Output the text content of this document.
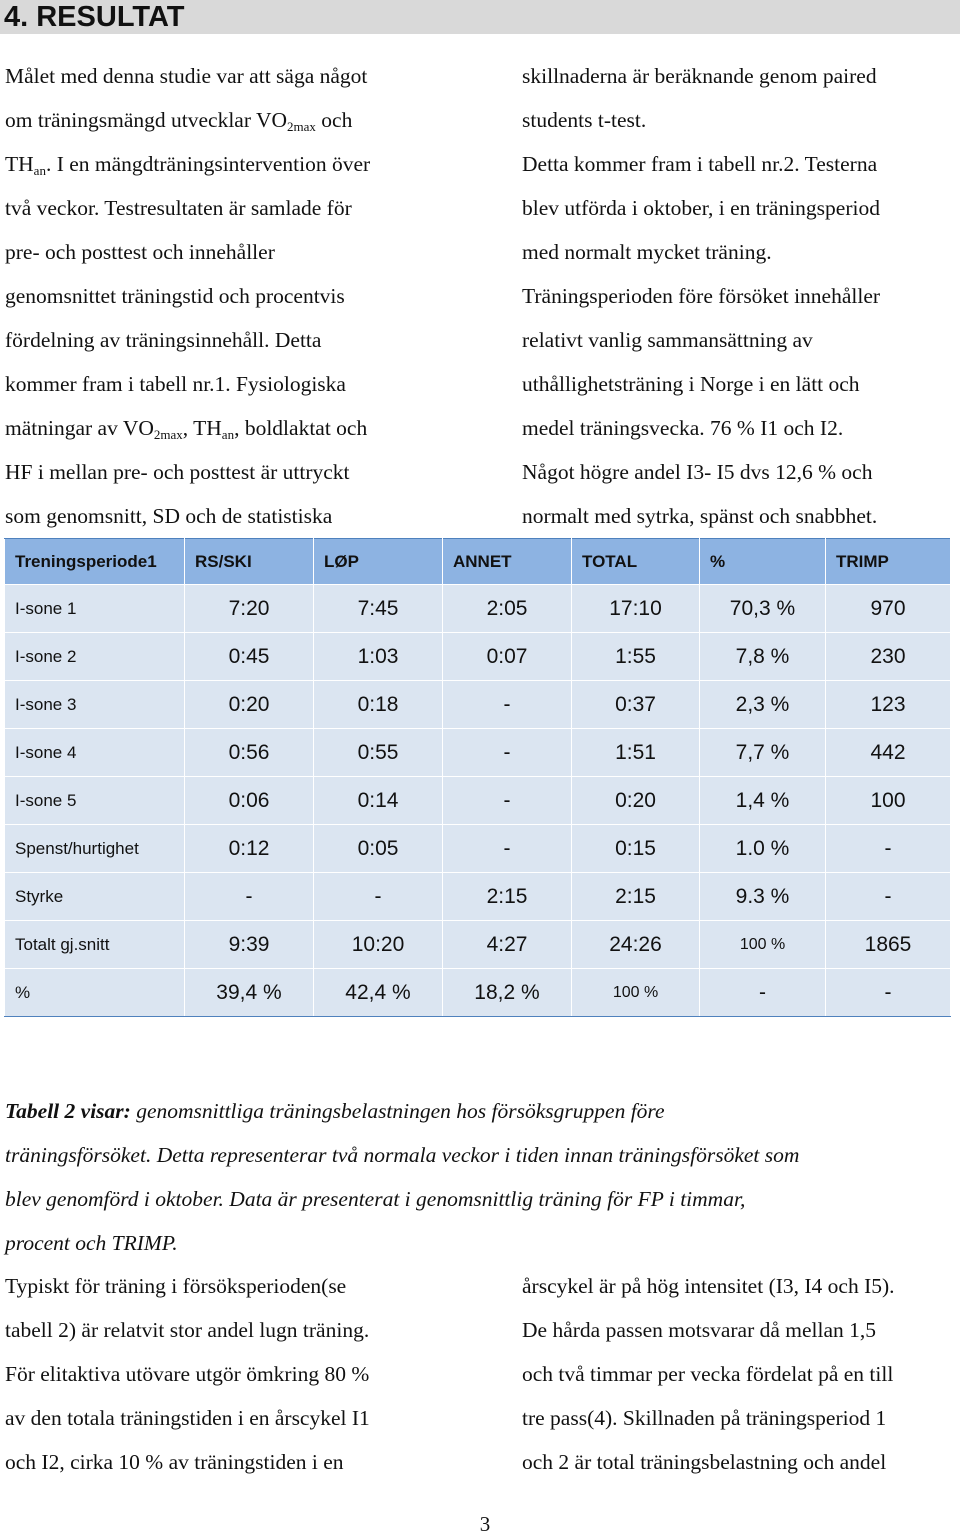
4. RESULTAT

Målet med denna studie var att säga något

om träningsmängd utvecklar $VO_{2max}$ och

$TH_{an}$. I en mängdträningsintervention över

två veckor. Testresultaten är samlade för

pre- och posttest och innehåller

genomsnittet träningstid och procentvis

fördelning av träningsinnehåll. Detta

kommer fram i tabell nr.1. Fysiologiska

mätningar av $VO_{2max}$, $TH_{an}$, boldlaktat och

HF i mellan pre- och posttest är uttryckt

som genomsnitt, SD och de statistiska

skillnaderna är beräknande genom paired

students t-test.

Detta kommer fram i tabell nr.2. Testerna

blev utförda i oktober, i en träningsperiod

med normalt mycket träning.

Träningsperioden före försöket innehåller

relativt vanlig sammansättning av

uthållighetsträning i Norge i en lätt och

medel träningsvecka. 76 % I1 och I2.

Något högre andel I3- I5 dvs 12,6 % och

normalt med sytrka, spänst och snabbhet.

Treningsperiode1	RS/SKI	LØP	ANNET	TOTAL	%	TRIMP
I-sone 1	7:20	7:45	2:05	17:10	70,3 %	970
I-sone 2	0:45	1:03	0:07	1:55	7,8 %	230
I-sone 3	0:20	0:18	-	0:37	2,3 %	123
I-sone 4	0:56	0:55	-	1:51	7,7 %	442
I-sone 5	0:06	0:14	-	0:20	1,4 %	100
Spenst/hurtighet	0:12	0:05	-	0:15	1.0 %	-
Styrke	-	-	2:15	2:15	9.3 %	-
Totalt gj.snitt	9:39	10:20	4:27	24:26	100 %	1865
%	39,4 %	42,4 %	18,2 %	100 %	-	-

Tabell 2 visar: genomsnittliga träningsbelastningen hos försöksgruppen före

träningsförsöket. Detta representerar två normala veckor i tiden innan träningsförsöket som

blev genomförd i oktober. Data är presenterat i genomsnittlig träning för FP i timmar,

procent och TRIMP.

Typiskt för träning i försöksperioden(se

tabell 2) är relatvit stor andel lugn träning.

För elitaktiva utövare utgör ömkring 80 %

av den totala träningstiden i en årscykel I1

och I2, cirka 10 % av träningstiden i en

årscykel är på hög intensitet (I3, I4 och I5).

De hårda passen motsvarar då mellan 1,5

och två timmar per vecka fördelat på en till

tre pass(4). Skillnaden på träningsperiod 1

och 2 är total träningsbelastning och andel

3
